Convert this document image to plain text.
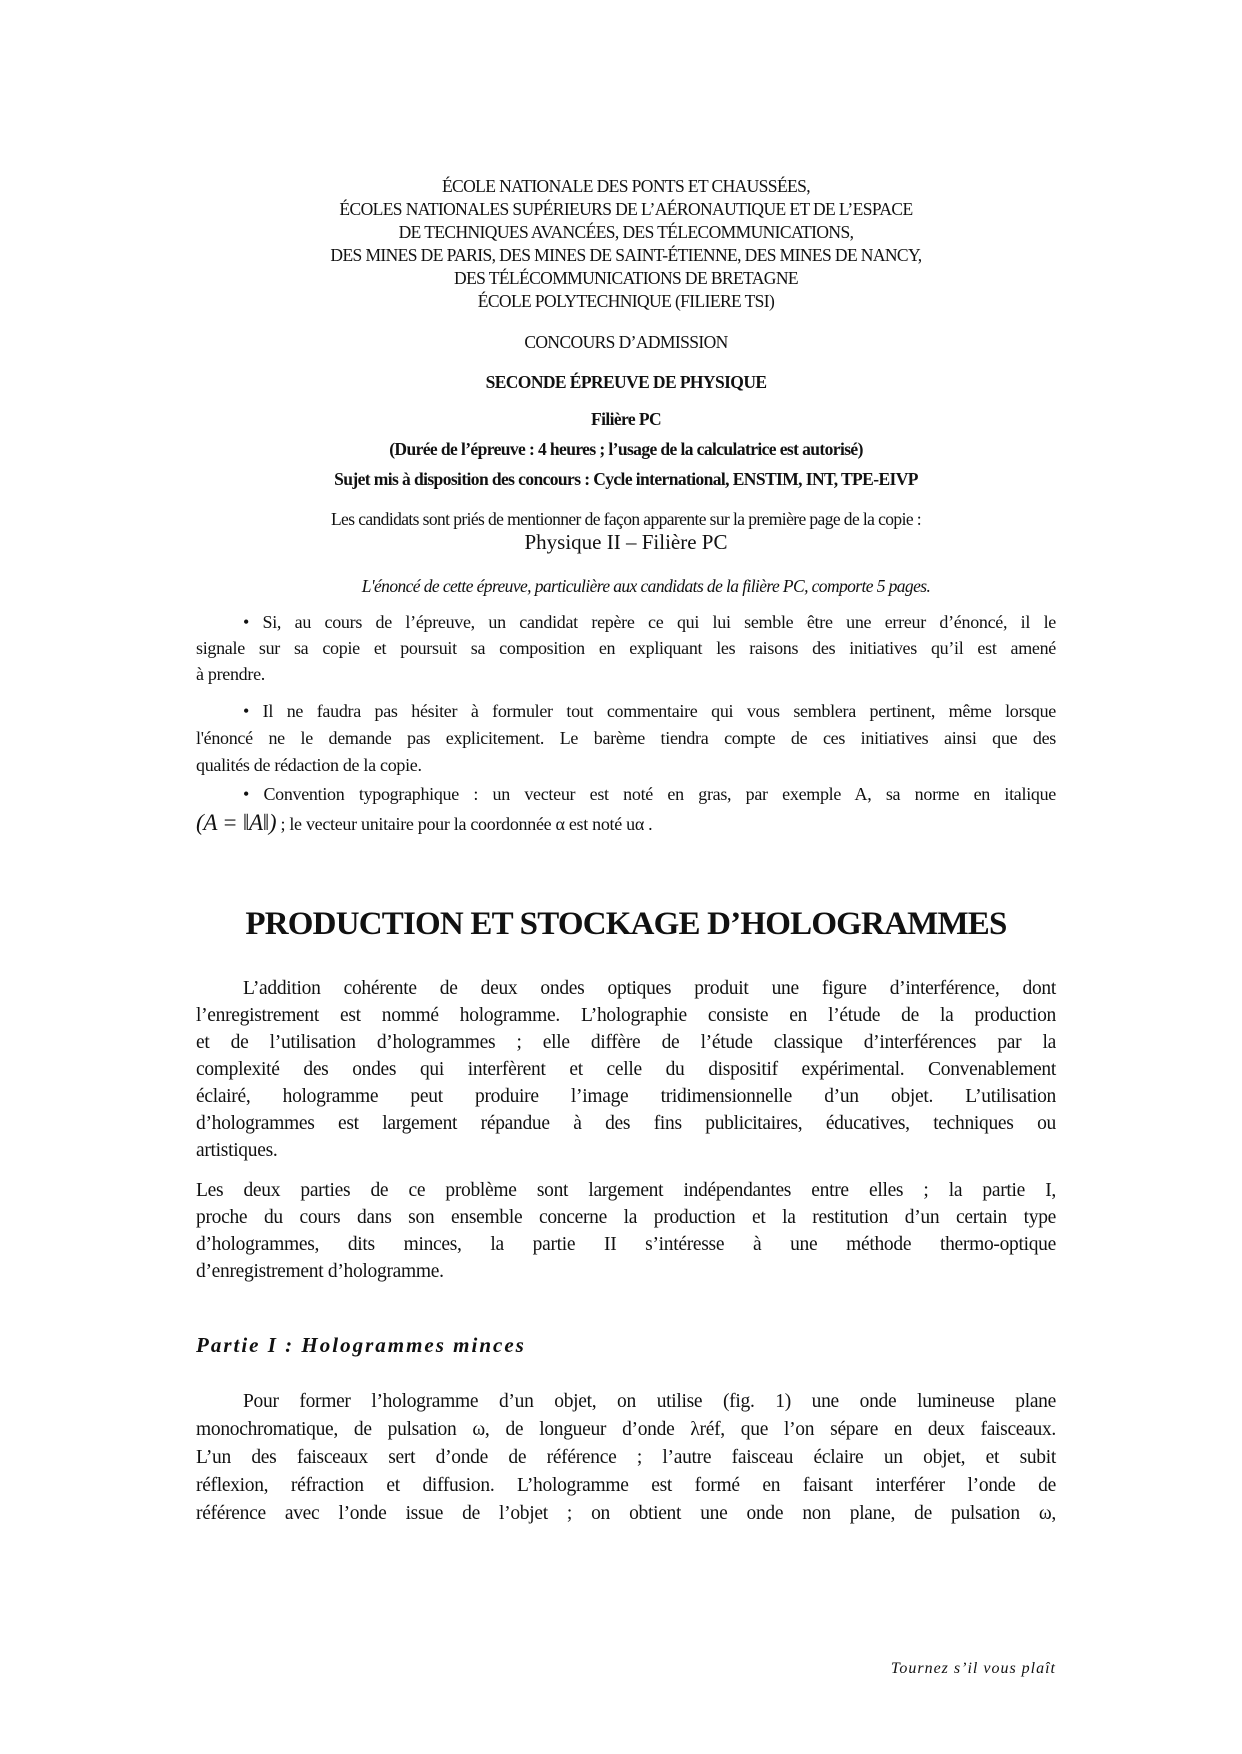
ÉCOLE NATIONALE DES PONTS ET CHAUSSÉES,
ÉCOLES NATIONALES SUPÉRIEURS DE L’AÉRONAUTIQUE ET DE L’ESPACE
DE TECHNIQUES AVANCÉES, DES TÉLECOMMUNICATIONS,
DES MINES DE PARIS, DES MINES DE SAINT-ÉTIENNE, DES MINES DE NANCY,
DES TÉLÉCOMMUNICATIONS DE BRETAGNE
ÉCOLE POLYTECHNIQUE (FILIERE TSI)
CONCOURS D’ADMISSION
SECONDE ÉPREUVE DE PHYSIQUE
Filière PC
(Durée de l’épreuve : 4 heures ; l’usage de la calculatrice est autorisé)
Sujet mis à disposition des concours : Cycle international, ENSTIM, INT, TPE-EIVP
Les candidats sont priés de mentionner de façon apparente sur la première page de la copie :
Physique II – Filière PC
L'énoncé de cette épreuve, particulière aux candidats de la filière PC, comporte 5 pages.
• Si, au cours de l’épreuve, un candidat repère ce qui lui semble être une erreur d’énoncé, il le
signale sur sa copie et poursuit sa composition en expliquant les raisons des initiatives qu’il est amené
à prendre.
• Il ne faudra pas hésiter à formuler tout commentaire qui vous semblera pertinent, même lorsque
l'énoncé ne le demande pas explicitement. Le barème tiendra compte de ces initiatives ainsi que des
qualités de rédaction de la copie.
• Convention typographique : un vecteur est noté en gras, par exemple A, sa norme en italique
(A = ‖A‖) ; le vecteur unitaire pour la coordonnée α est noté uα .
PRODUCTION ET STOCKAGE D’HOLOGRAMMES
L’addition cohérente de deux ondes optiques produit une figure d’interférence, dont
l’enregistrement est nommé hologramme. L’holographie consiste en l’étude de la production
et de l’utilisation d’hologrammes ; elle diffère de l’étude classique d’interférences par la
complexité des ondes qui interfèrent et celle du dispositif expérimental. Convenablement
éclairé, hologramme peut produire l’image tridimensionnelle d’un objet. L’utilisation
d’hologrammes est largement répandue à des fins publicitaires, éducatives, techniques ou
artistiques.
Les deux parties de ce problème sont largement indépendantes entre elles ; la partie I,
proche du cours dans son ensemble concerne la production et la restitution d’un certain type
d’hologrammes, dits minces, la partie II s’intéresse à une méthode thermo-optique
d’enregistrement d’hologramme.
Partie I : Hologrammes minces
Pour former l’hologramme d’un objet, on utilise (fig. 1) une onde lumineuse plane
monochromatique, de pulsation ω, de longueur d’onde λréf, que l’on sépare en deux faisceaux.
L’un des faisceaux sert d’onde de référence ; l’autre faisceau éclaire un objet, et subit
réflexion, réfraction et diffusion. L’hologramme est formé en faisant interférer l’onde de
référence avec l’onde issue de l’objet ; on obtient une onde non plane, de pulsation ω,
Tournez s’il vous plaît
